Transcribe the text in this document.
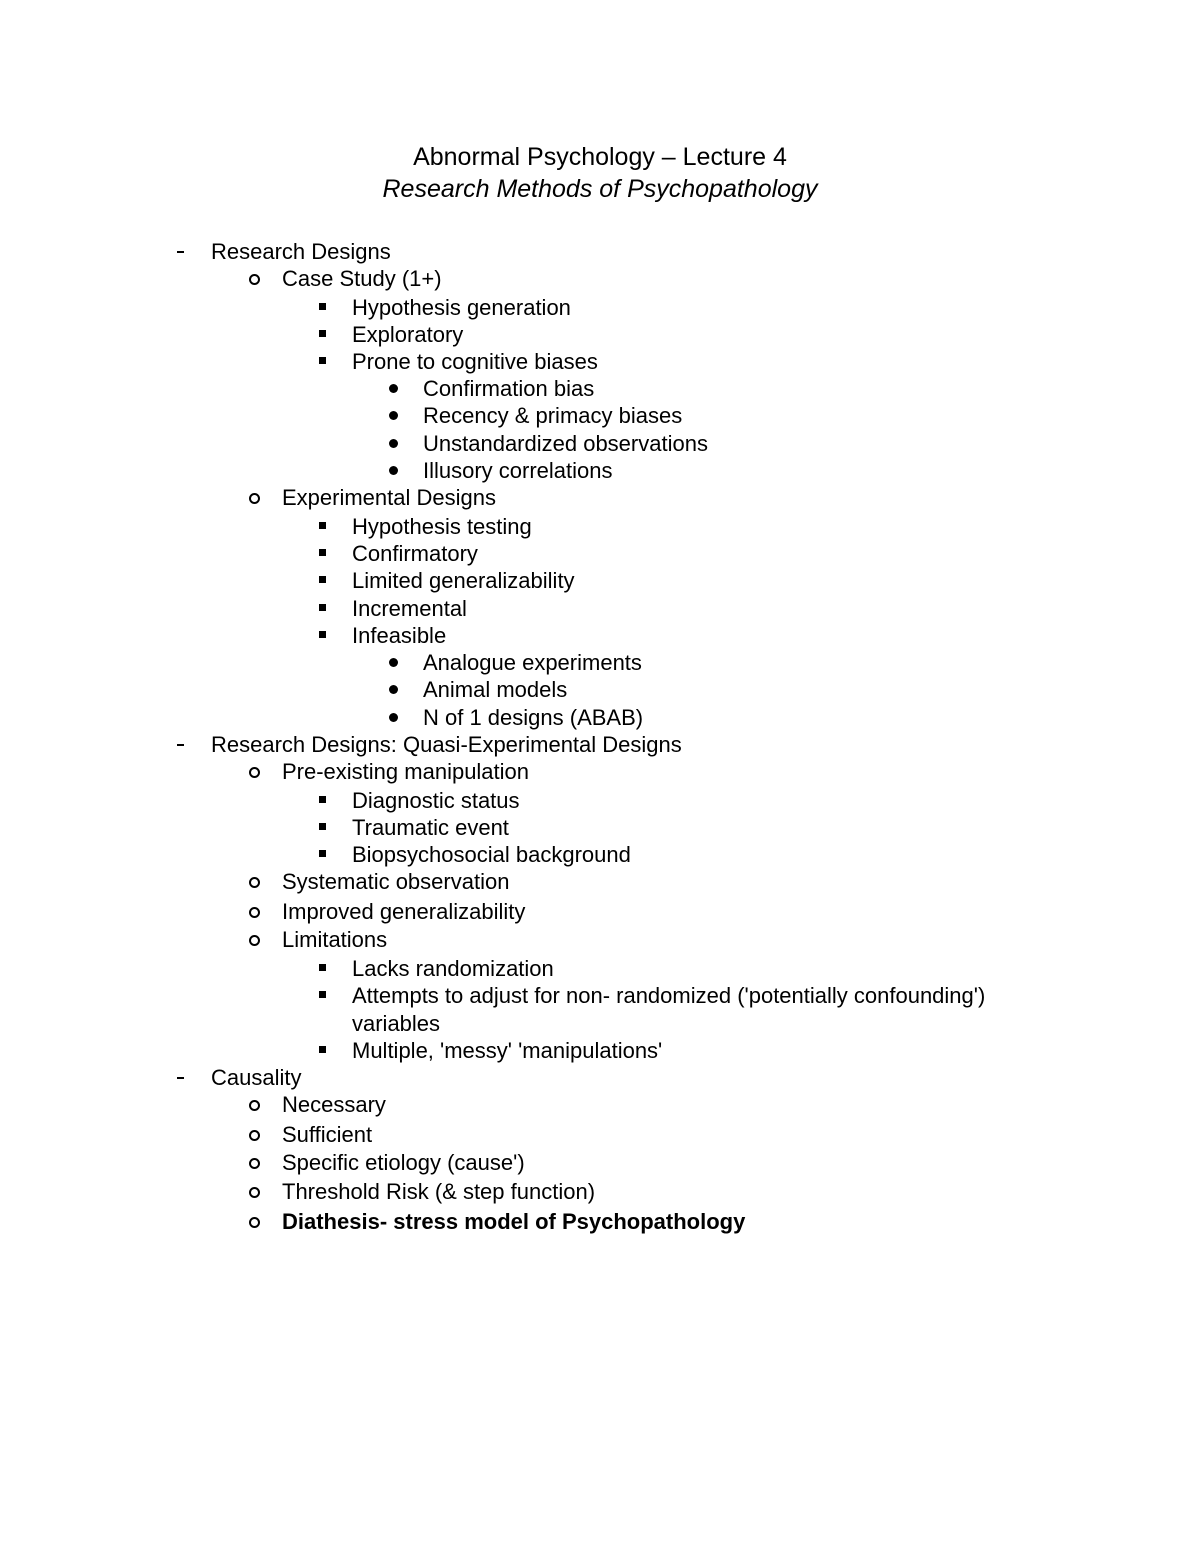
Abnormal Psychology – Lecture 4
Research Methods of Psychopathology
Research Designs
Case Study (1+)
Hypothesis generation
Exploratory
Prone to cognitive biases
Confirmation bias
Recency & primacy biases
Unstandardized observations
Illusory correlations
Experimental Designs
Hypothesis testing
Confirmatory
Limited generalizability
Incremental
Infeasible
Analogue experiments
Animal models
N of 1 designs (ABAB)
Research Designs: Quasi-Experimental Designs
Pre-existing manipulation
Diagnostic status
Traumatic event
Biopsychosocial background
Systematic observation
Improved generalizability
Limitations
Lacks randomization
Attempts to adjust for non- randomized ('potentially confounding') variables
Multiple, 'messy' 'manipulations'
Causality
Necessary
Sufficient
Specific etiology (cause')
Threshold Risk (& step function)
Diathesis- stress model of Psychopathology
